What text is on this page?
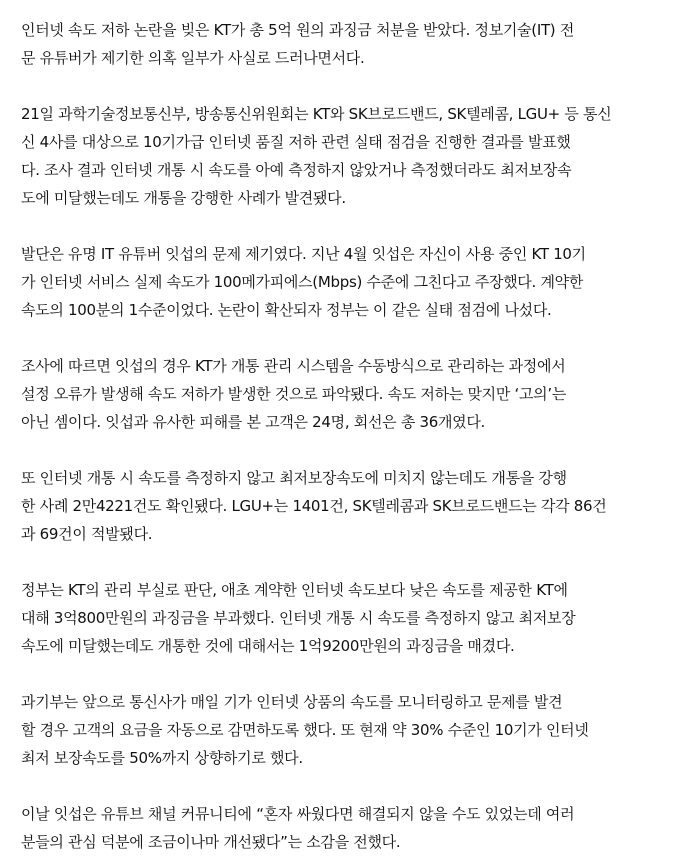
인터넷 속도 저하 논란을 빚은 KT가 총 5억 원의 과징금 처분을 받았다. 정보기술(IT) 전
문 유튜버가 제기한 의혹 일부가 사실로 드러나면서다.

21일 과학기술정보통신부, 방송통신위원회는 KT와 SK브로드밴드, SK텔레콤, LGU+ 등 통신
신 4사를 대상으로 10기가급 인터넷 품질 저하 관련 실태 점검을 진행한 결과를 발표했
다. 조사 결과 인터넷 개통 시 속도를 아예 측정하지 않았거나 측정했더라도 최저보장속
도에 미달했는데도 개통을 강행한 사례가 발견됐다.

발단은 유명 IT 유튜버 잇섭의 문제 제기였다. 지난 4월 잇섭은 자신이 사용 중인 KT 10기
가 인터넷 서비스 실제 속도가 100메가피에스(Mbps) 수준에 그친다고 주장했다. 계약한
속도의 100분의 1수준이었다. 논란이 확산되자 정부는 이 같은 실태 점검에 나섰다.

조사에 따르면 잇섭의 경우 KT가 개통 관리 시스템을 수동방식으로 관리하는 과정에서
설정 오류가 발생해 속도 저하가 발생한 것으로 파악됐다. 속도 저하는 맞지만 ‘고의’는
아닌 셈이다. 잇섭과 유사한 피해를 본 고객은 24명, 회선은 총 36개였다.

또 인터넷 개통 시 속도를 측정하지 않고 최저보장속도에 미치지 않는데도 개통을 강행
한 사례 2만4221건도 확인됐다. LGU+는 1401건, SK텔레콤과 SK브로드밴드는 각각 86건
과 69건이 적발됐다.

정부는 KT의 관리 부실로 판단, 애초 계약한 인터넷 속도보다 낮은 속도를 제공한 KT에
대해 3억800만원의 과징금을 부과했다. 인터넷 개통 시 속도를 측정하지 않고 최저보장
속도에 미달했는데도 개통한 것에 대해서는 1억9200만원의 과징금을 매겼다.

과기부는 앞으로 통신사가 매일 기가 인터넷 상품의 속도를 모니터링하고 문제를 발견
할 경우 고객의 요금을 자동으로 감면하도록 했다. 또 현재 약 30% 수준인 10기가 인터넷
최저 보장속도를 50%까지 상향하기로 했다.

이날 잇섭은 유튜브 채널 커뮤니티에 “혼자 싸웠다면 해결되지 않을 수도 있었는데 여러
분들의 관심 덕분에 조금이나마 개선됐다”는 소감을 전했다.
